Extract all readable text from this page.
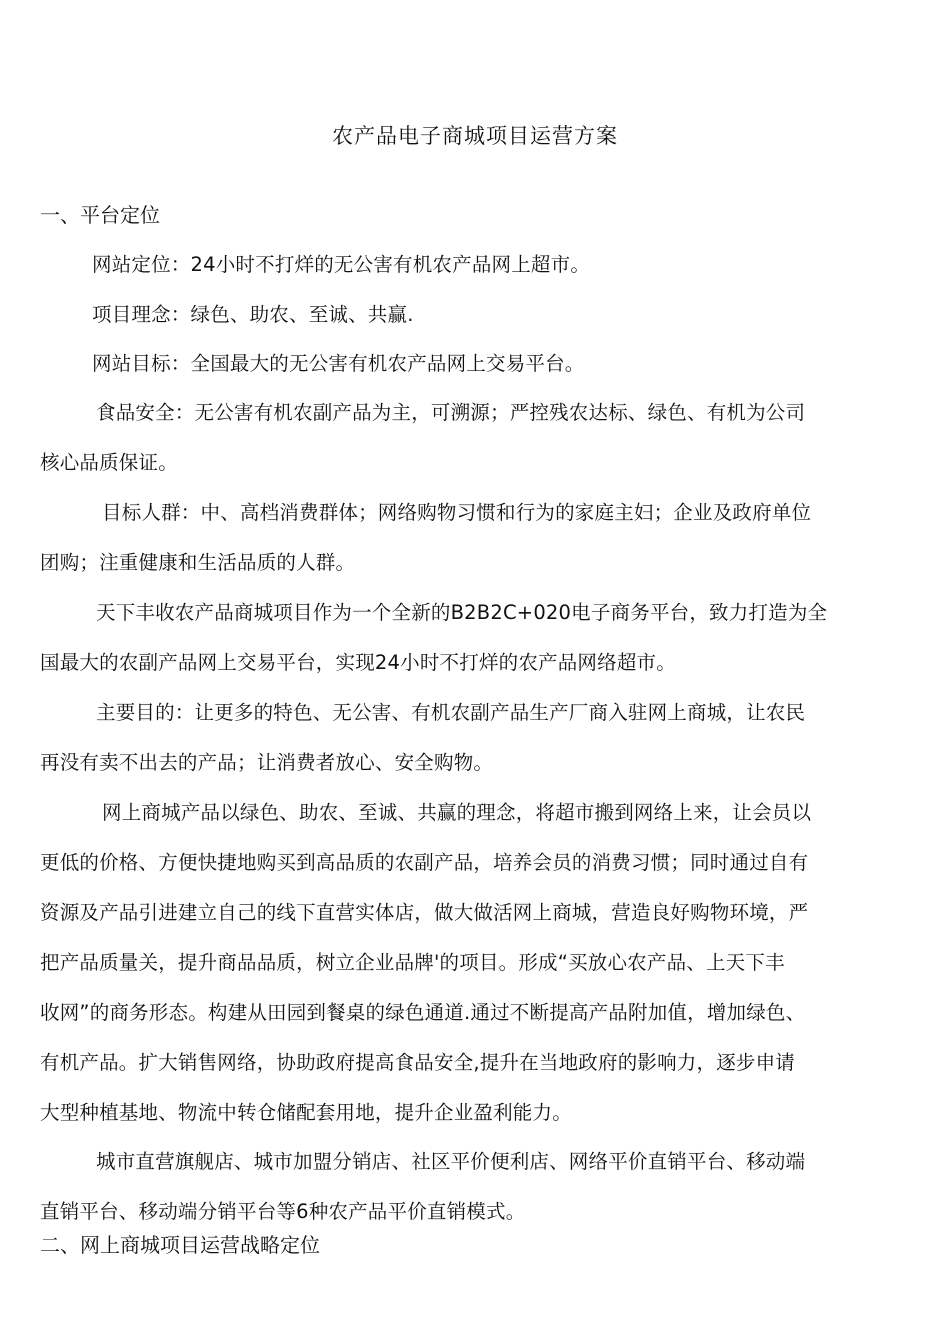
农产品电子商城项目运营方案
一、平台定位
网站定位：24小时不打烊的无公害有机农产品网上超市。
项目理念：绿色、助农、至诚、共赢.
网站目标：全国最大的无公害有机农产品网上交易平台。
食品安全：无公害有机农副产品为主，可溯源；严控残农达标、绿色、有机为公司
核心品质保证。
目标人群：中、高档消费群体；网络购物习惯和行为的家庭主妇；企业及政府单位
团购；注重健康和生活品质的人群。
天下丰收农产品商城项目作为一个全新的B2B2C+020电子商务平台，致力打造为全
国最大的农副产品网上交易平台，实现24小时不打烊的农产品网络超市。
主要目的：让更多的特色、无公害、有机农副产品生产厂商入驻网上商城，让农民
再没有卖不出去的产品；让消费者放心、安全购物。
网上商城产品以绿色、助农、至诚、共赢的理念，将超市搬到网络上来，让会员以
更低的价格、方便快捷地购买到高品质的农副产品，培养会员的消费习惯；同时通过自有
资源及产品引进建立自己的线下直营实体店，做大做活网上商城，营造良好购物环境，严
把产品质量关，提升商品品质，树立企业品牌'的项目。形成“买放心农产品、上天下丰
收网”的商务形态。构建从田园到餐桌的绿色通道.通过不断提高产品附加值，增加绿色、
有机产品。扩大销售网络，协助政府提高食品安全,提升在当地政府的影响力，逐步申请
大型种植基地、物流中转仓储配套用地，提升企业盈利能力。
城市直营旗舰店、城市加盟分销店、社区平价便利店、网络平价直销平台、移动端
直销平台、移动端分销平台等6种农产品平价直销模式。
二、网上商城项目运营战略定位
